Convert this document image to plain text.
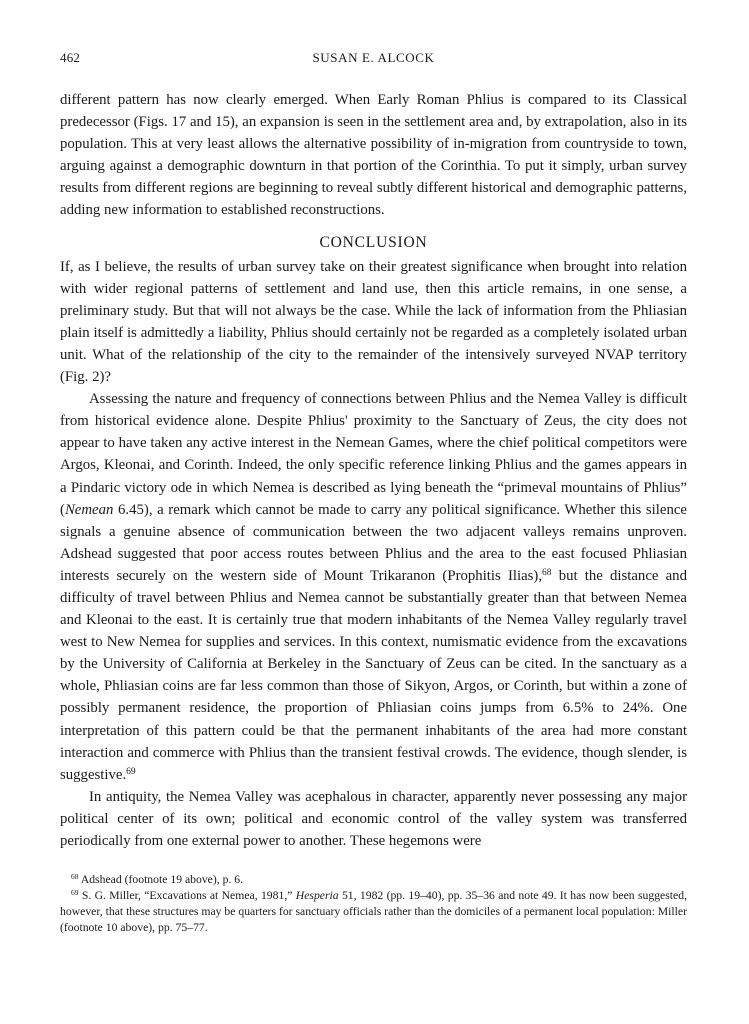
462	SUSAN E. ALCOCK

different pattern has now clearly emerged. When Early Roman Phlius is compared to its Classical predecessor (Figs. 17 and 15), an expansion is seen in the settlement area and, by extrapolation, also in its population. This at very least allows the alternative possibility of in-migration from countryside to town, arguing against a demographic downturn in that portion of the Corinthia. To put it simply, urban survey results from different regions are beginning to reveal subtly different historical and demographic patterns, adding new information to established reconstructions.

CONCLUSION

If, as I believe, the results of urban survey take on their greatest significance when brought into relation with wider regional patterns of settlement and land use, then this article remains, in one sense, a preliminary study. But that will not always be the case. While the lack of information from the Phliasian plain itself is admittedly a liability, Phlius should certainly not be regarded as a completely isolated urban unit. What of the relationship of the city to the remainder of the intensively surveyed NVAP territory (Fig. 2)?

Assessing the nature and frequency of connections between Phlius and the Nemea Valley is difficult from historical evidence alone. Despite Phlius' proximity to the Sanctuary of Zeus, the city does not appear to have taken any active interest in the Nemean Games, where the chief political competitors were Argos, Kleonai, and Corinth. Indeed, the only specific reference linking Phlius and the games appears in a Pindaric victory ode in which Nemea is described as lying beneath the “primeval mountains of Phlius” (Nemean 6.45), a remark which cannot be made to carry any political significance. Whether this silence signals a genuine absence of communication between the two adjacent valleys remains unproven. Adshead suggested that poor access routes between Phlius and the area to the east focused Phliasian interests securely on the western side of Mount Trikaranon (Prophitis Ilias),$^{68}$ but the distance and difficulty of travel between Phlius and Nemea cannot be substantially greater than that between Nemea and Kleonai to the east. It is certainly true that modern inhabitants of the Nemea Valley regularly travel west to New Nemea for supplies and services. In this context, numismatic evidence from the excavations by the University of California at Berkeley in the Sanctuary of Zeus can be cited. In the sanctuary as a whole, Phliasian coins are far less common than those of Sikyon, Argos, or Corinth, but within a zone of possibly permanent residence, the proportion of Phliasian coins jumps from 6.5% to 24%. One interpretation of this pattern could be that the permanent inhabitants of the area had more constant interaction and commerce with Phlius than the transient festival crowds. The evidence, though slender, is suggestive.$^{69}$

In antiquity, the Nemea Valley was acephalous in character, apparently never possessing any major political center of its own; political and economic control of the valley system was transferred periodically from one external power to another. These hegemons were

$^{68}$ Adshead (footnote 19 above), p. 6.

$^{69}$ S. G. Miller, “Excavations at Nemea, 1981,” Hesperia 51, 1982 (pp. 19–40), pp. 35–36 and note 49. It has now been suggested, however, that these structures may be quarters for sanctuary officials rather than the domiciles of a permanent local population: Miller (footnote 10 above), pp. 75–77.
